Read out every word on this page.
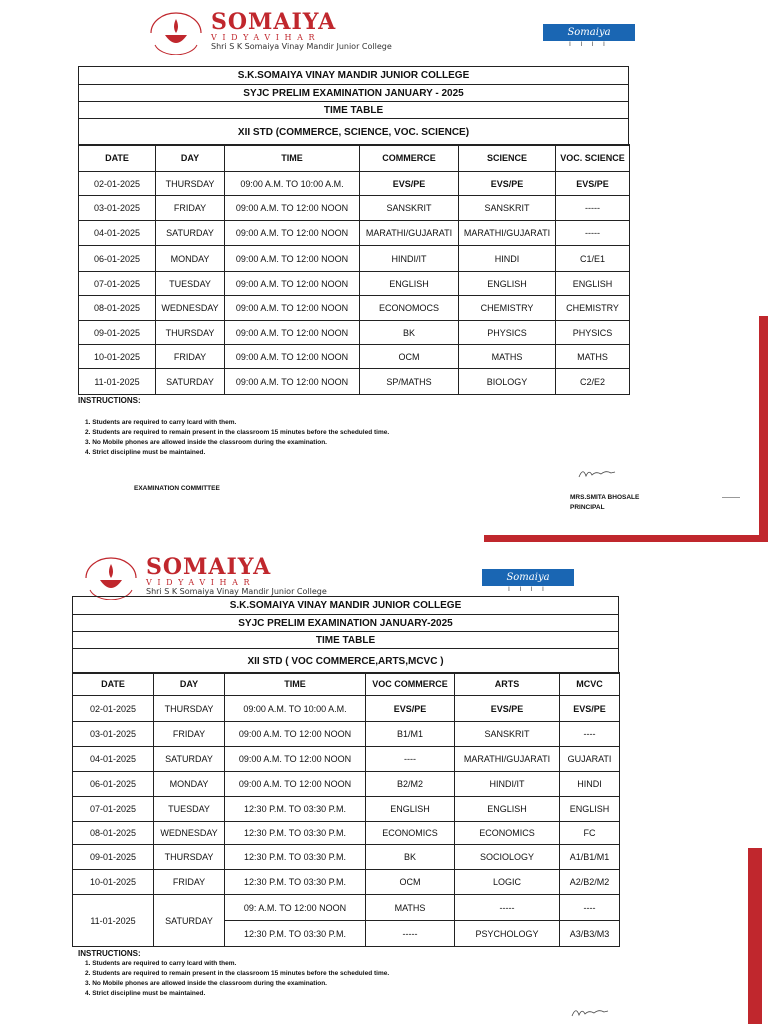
SOMAIYA
VIDYAVIHAR
Shri S K Somaiya Vinay Mandir Junior College
Somaiya
I I I I
S.K.SOMAIYA VINAY MANDIR JUNIOR COLLEGE
SYJC PRELIM EXAMINATION JANUARY - 2025
TIME TABLE
XII STD (COMMERCE, SCIENCE, VOC. SCIENCE)
DATE	DAY	TIME	COMMERCE	SCIENCE	VOC. SCIENCE
02-01-2025	THURSDAY	09:00 A.M. TO 10:00 A.M.	EVS/PE	EVS/PE	EVS/PE
03-01-2025	FRIDAY	09:00 A.M. TO 12:00 NOON	SANSKRIT	SANSKRIT	-----
04-01-2025	SATURDAY	09:00 A.M. TO 12:00 NOON	MARATHI/GUJARATI	MARATHI/GUJARATI	-----
06-01-2025	MONDAY	09:00 A.M. TO 12:00 NOON	HINDI/IT	HINDI	C1/E1
07-01-2025	TUESDAY	09:00 A.M. TO 12:00 NOON	ENGLISH	ENGLISH	ENGLISH
08-01-2025	WEDNESDAY	09:00 A.M. TO 12:00 NOON	ECONOMOCS	CHEMISTRY	CHEMISTRY
09-01-2025	THURSDAY	09:00 A.M. TO 12:00 NOON	BK	PHYSICS	PHYSICS
10-01-2025	FRIDAY	09:00 A.M. TO 12:00 NOON	OCM	MATHS	MATHS
11-01-2025	SATURDAY	09:00 A.M. TO 12:00 NOON	SP/MATHS	BIOLOGY	C2/E2
INSTRUCTIONS:
1. Students are required to carry Icard with them.
2. Students are required to remain present in the classroom 15 minutes before the scheduled time.
3. No Mobile phones are allowed inside the classroom during the examination.
4. Strict discipline must be maintained.
EXAMINATION COMMITTEE
MRS.SMITA BHOSALE
PRINCIPAL
SOMAIYA
VIDYAVIHAR
Shri S K Somaiya Vinay Mandir Junior College
Somaiya
I I I I
S.K.SOMAIYA VINAY MANDIR JUNIOR COLLEGE
SYJC PRELIM EXAMINATION JANUARY-2025
TIME TABLE
XII STD ( VOC COMMERCE,ARTS,MCVC )
DATE	DAY	TIME	VOC COMMERCE	ARTS	MCVC
02-01-2025	THURSDAY	09:00 A.M. TO 10:00 A.M.	EVS/PE	EVS/PE	EVS/PE
03-01-2025	FRIDAY	09:00 A.M. TO 12:00 NOON	B1/M1	SANSKRIT	----
04-01-2025	SATURDAY	09:00 A.M. TO 12:00 NOON	----	MARATHI/GUJARATI	GUJARATI
06-01-2025	MONDAY	09:00 A.M. TO 12:00 NOON	B2/M2	HINDI/IT	HINDI
07-01-2025	TUESDAY	12:30 P.M. TO 03:30 P.M.	ENGLISH	ENGLISH	ENGLISH
08-01-2025	WEDNESDAY	12:30 P.M. TO 03:30 P.M.	ECONOMICS	ECONOMICS	FC
09-01-2025	THURSDAY	12:30 P.M. TO 03:30 P.M.	BK	SOCIOLOGY	A1/B1/M1
10-01-2025	FRIDAY	12:30 P.M. TO 03:30 P.M.	OCM	LOGIC	A2/B2/M2
11-01-2025	SATURDAY	09: A.M. TO 12:00 NOON	MATHS	-----	----
		12:30 P.M. TO 03:30 P.M.	-----	PSYCHOLOGY	A3/B3/M3
INSTRUCTIONS:
1. Students are required to carry Icard with them.
2. Students are required to remain present in the classroom 15 minutes before the scheduled time.
3. No Mobile phones are allowed inside the classroom during the examination.
4. Strict discipline must be maintained.
